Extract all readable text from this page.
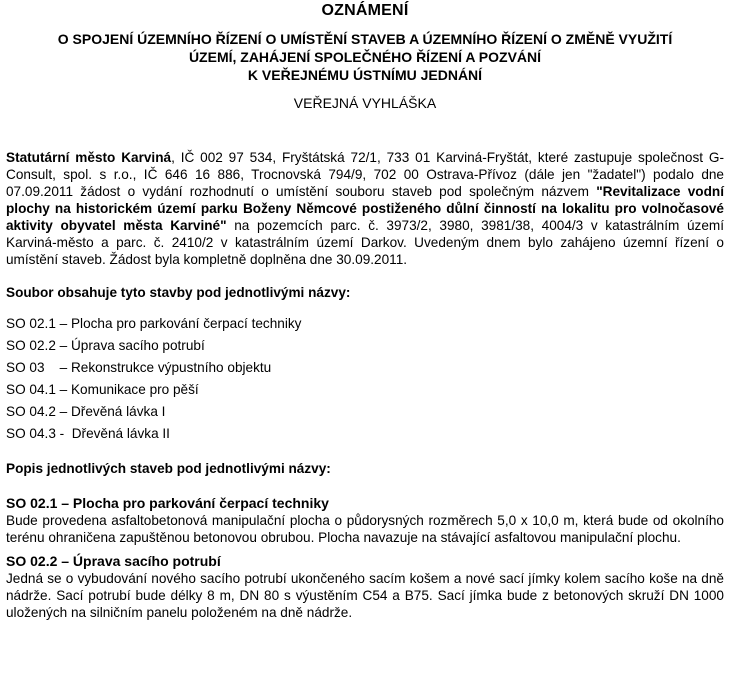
OZNÁMENÍ
O SPOJENÍ ÚZEMNÍHO ŘÍZENÍ O UMÍSTĚNÍ STAVEB A ÚZEMNÍHO ŘÍZENÍ O ZMĚNĚ VYUŽITÍ
ÚZEMÍ, ZAHÁJENÍ SPOLEČNÉHO ŘÍZENÍ A POZVÁNÍ
K VEŘEJNÉMU ÚSTNÍMU JEDNÁNÍ
VEŘEJNÁ VYHLÁŠKA
Statutární město Karviná, IČ 002 97 534, Fryštátská 72/1, 733 01 Karviná-Fryštát, které zastupuje společnost G-Consult, spol. s r.o., IČ 646 16 886, Trocnovská 794/9, 702 00 Ostrava-Přívoz (dále jen "žadatel") podalo dne 07.09.2011 žádost o vydání rozhodnutí o umístění souboru staveb pod společným názvem "Revitalizace vodní plochy na historickém území parku Boženy Němcové postiženého důlní činností na lokalitu pro volnočasové aktivity obyvatel města Karviné" na pozemcích parc. č. 3973/2, 3980, 3981/38, 4004/3 v katastrálním území Karviná-město a parc. č. 2410/2 v katastrálním území Darkov. Uvedeným dnem bylo zahájeno územní řízení o umístění staveb. Žádost byla kompletně doplněna dne 30.09.2011.
Soubor obsahuje tyto stavby pod jednotlivými názvy:
SO 02.1 – Plocha pro parkování čerpací techniky
SO 02.2 – Úprava sacího potrubí
SO 03    – Rekonstrukce výpustního objektu
SO 04.1 – Komunikace pro pěší
SO 04.2 – Dřevěná lávka I
SO 04.3 -  Dřevěná lávka II
Popis jednotlivých staveb pod jednotlivými názvy:
SO 02.1 – Plocha pro parkování čerpací techniky

Bude provedena asfaltobetonová manipulační plocha o půdorysných rozměrech 5,0 x 10,0 m, která bude od okolního terénu ohraničena zapuštěnou betonovou obrubou. Plocha navazuje na stávající asfaltovou manipulační plochu.

SO 02.2 – Úprava sacího potrubí

Jedná se o vybudování nového sacího potrubí ukončeného sacím košem a nové sací jímky kolem sacího koše na dně nádrže. Sací potrubí bude délky 8 m, DN 80 s výustěním C54 a B75. Sací jímka bude z betonových skruží DN 1000 uložených na silničním panelu položeném na dně nádrže.
